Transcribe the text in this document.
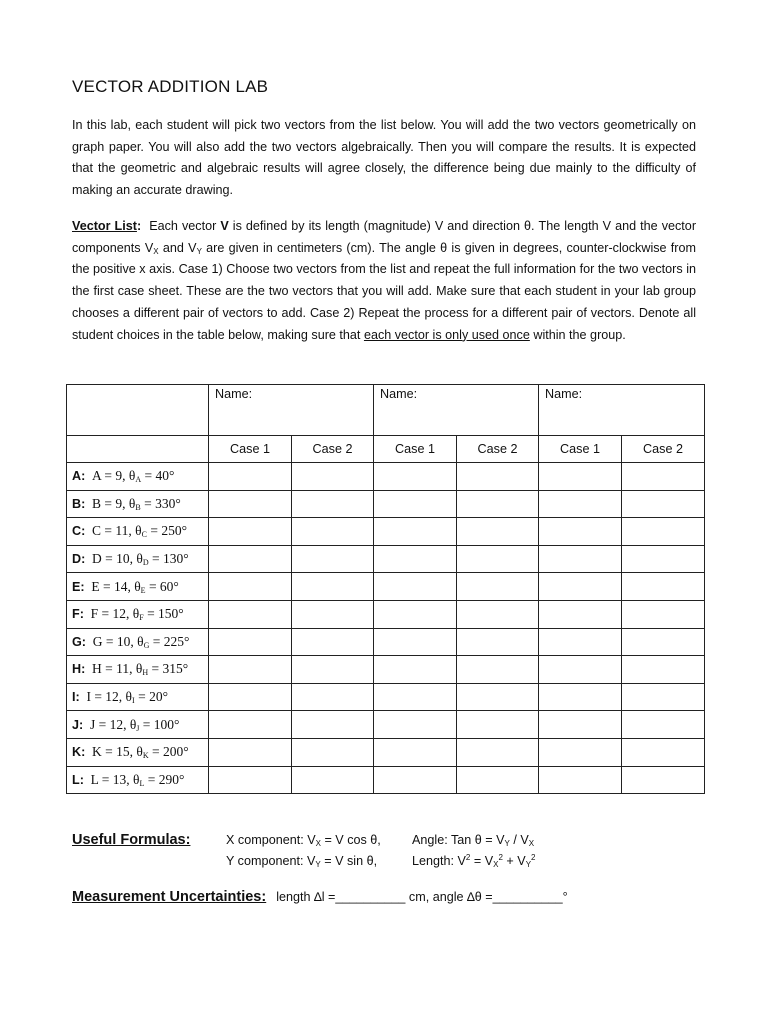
VECTOR ADDITION LAB
In this lab, each student will pick two vectors from the list below. You will add the two vectors geometrically on graph paper. You will also add the two vectors algebraically. Then you will compare the results. It is expected that the geometric and algebraic results will agree closely, the difference being due mainly to the difficulty of making an accurate drawing.
Vector List:  Each vector V is defined by its length (magnitude) V and direction θ. The length V and the vector components $V_X$ and $V_Y$ are given in centimeters (cm). The angle θ is given in degrees, counter-clockwise from the positive x axis. Case 1) Choose two vectors from the list and repeat the full information for the two vectors in the first case sheet. These are the two vectors that you will add. Make sure that each student in your lab group chooses a different pair of vectors to add. Case 2) Repeat the process for a different pair of vectors. Denote all student choices in the table below, making sure that each vector is only used once within the group.
	Name:		Name:		Name:	
	Case 1	Case 2	Case 1	Case 2	Case 1	Case 2
A: A = 9, $\theta_A = 40^\circ$						
B: B = 9, $\theta_B = 330^\circ$						
C: C = 11, $\theta_C = 250^\circ$						
D: D = 10, $\theta_D = 130^\circ$						
E: E = 14, $\theta_E = 60^\circ$						
F: F = 12, $\theta_F = 150^\circ$						
G: G = 10, $\theta_G = 225^\circ$						
H: H = 11, $\theta_H = 315^\circ$						
I: I = 12, $\theta_I = 20^\circ$						
J: J = 12, $\theta_J = 100^\circ$						
K: K = 15, $\theta_K = 200^\circ$						
L: L = 13, $\theta_L = 290^\circ$						
Useful Formulas:	X component: $V_X = V$ cos θ,
Y component: $V_Y = V$ sin θ,
Angle: Tan $\theta = V_Y / V_X$
Length: $V^2 = V_X^2 + V_Y^2$
Measurement Uncertainties: length ∆l =__________ cm, angle ∆θ =__________°
